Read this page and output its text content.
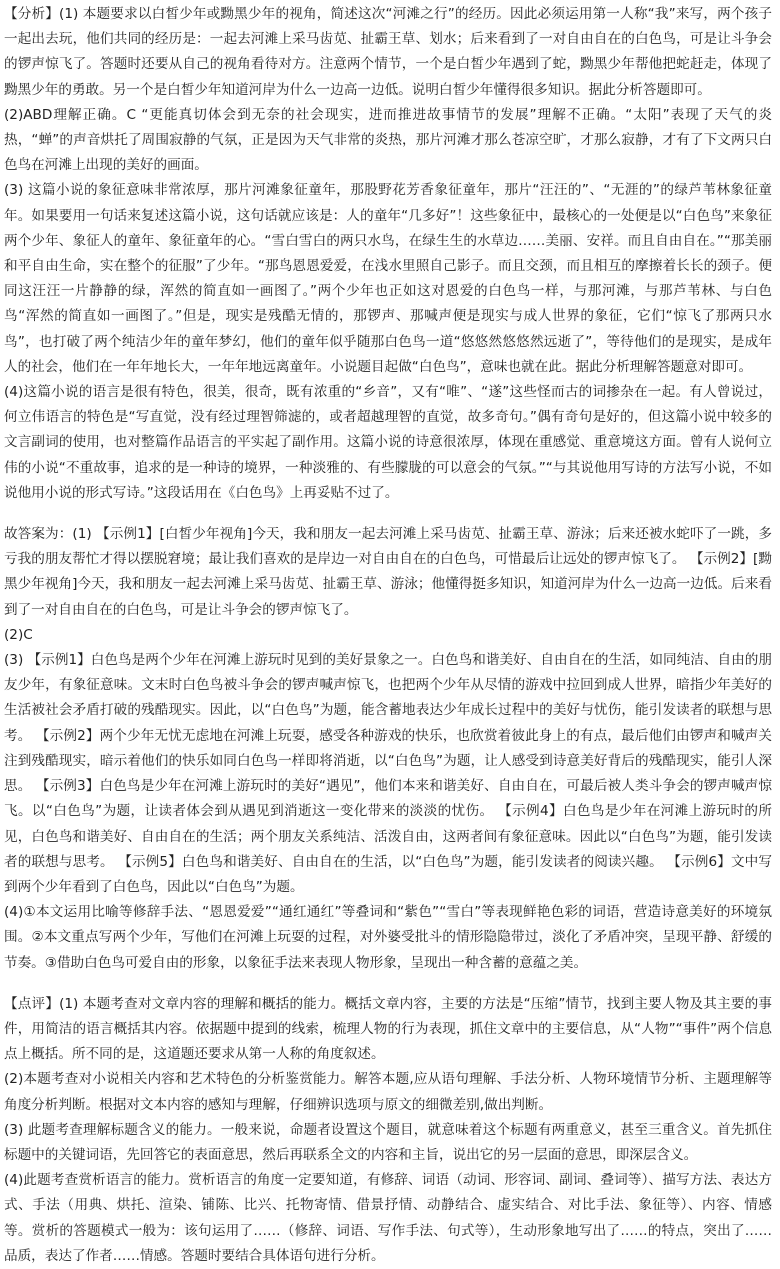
【分析】(1) 本题要求以白皙少年或黝黑少年的视角，简述这次“河滩之行”的经历。因此必须运用第一人称“我”来写，两个孩子一起出去玩，他们共同的经历是：一起去河滩上采马齿苋、扯霸王草、划水；后来看到了一对自由自在的白色鸟，可是让斗争会的锣声惊飞了。答题时还要从自己的视角看待对方。注意两个情节，一个是白皙少年遇到了蛇，黝黑少年帮他把蛇赶走，体现了黝黑少年的勇敢。另一个是白皙少年知道河岸为什么一边高一边低。说明白皙少年懂得很多知识。据此分析答题即可。

(2)ABD理解正确。C “更能真切体会到无奈的社会现实，进而推进故事情节的发展”理解不正确。“太阳”表现了天气的炎热，“蝉”的声音烘托了周围寂静的气氛，正是因为天气非常的炎热，那片河滩才那么苍凉空旷，才那么寂静，才有了下文两只白色鸟在河滩上出现的美好的画面。

(3) 这篇小说的象征意味非常浓厚，那片河滩象征童年，那股野花芳香象征童年，那片“汪汪的”、“无涯的”的绿芦苇林象征童年。如果要用一句话来复述这篇小说，这句话就应该是：人的童年“几多好”！这些象征中，最核心的一处便是以“白色鸟”来象征两个少年、象征人的童年、象征童年的心。“雪白雪白的两只水鸟，在绿生生的水草边……美丽、安祥。而且自由自在。”“那美丽和平自由生命，实在整个的征服”了少年。“那鸟恩恩爱爱，在浅水里照自己影子。而且交颈，而且相互的摩擦着长长的颈子。便同这汪汪一片静静的绿，浑然的简直如一画图了。”两个少年也正如这对恩爱的白色鸟一样，与那河滩，与那芦苇林、与白色鸟“浑然的简直如一画图了。”但是，现实是残酷无情的，那锣声、那喊声便是现实与成人世界的象征，它们“惊飞了那两只水鸟”，也打破了两个纯洁少年的童年梦幻，他们的童年似乎随那白色鸟一道“悠悠然悠悠然远逝了”，等待他们的是现实，是成年人的社会，他们在一年年地长大，一年年地远离童年。小说题目起做“白色鸟”，意味也就在此。据此分析理解答题意对即可。

(4)这篇小说的语言是很有特色，很美，很奇，既有浓重的“乡音”，又有“唯”、“遂”这些怪而古的词掺杂在一起。有人曾说过，何立伟语言的特色是“写直觉，没有经过理智筛滤的，或者超越理智的直觉，故多奇句。”偶有奇句是好的，但这篇小说中较多的文言副词的使用，也对整篇作品语言的平实起了副作用。这篇小说的诗意很浓厚，体现在重感觉、重意境这方面。曾有人说何立伟的小说“不重故事，追求的是一种诗的境界，一种淡雅的、有些朦胧的可以意会的气氛。”“与其说他用写诗的方法写小说，不如说他用小说的形式写诗。”这段话用在《白色鸟》上再妥贴不过了。

故答案为：(1) 【示例1】[白皙少年视角]今天，我和朋友一起去河滩上采马齿苋、扯霸王草、游泳；后来还被水蛇吓了一跳，多亏我的朋友帮忙才得以摆脱窘境；最让我们喜欢的是岸边一对自由自在的白色鸟，可惜最后让远处的锣声惊飞了。 【示例2】[黝黑少年视角]今天，我和朋友一起去河滩上采马齿苋、扯霸王草、游泳；他懂得挺多知识，知道河岸为什么一边高一边低。后来看到了一对自由自在的白色鸟，可是让斗争会的锣声惊飞了。

(2)C

(3) 【示例1】白色鸟是两个少年在河滩上游玩时见到的美好景象之一。白色鸟和谐美好、自由自在的生活，如同纯洁、自由的朋友少年，有象征意味。文末时白色鸟被斗争会的锣声喊声惊飞，也把两个少年从尽情的游戏中拉回到成人世界，暗指少年美好的生活被社会矛盾打破的残酷现实。因此，以“白色鸟”为题，能含蓄地表达少年成长过程中的美好与忧伤，能引发读者的联想与思考。 【示例2】两个少年无忧无虑地在河滩上玩耍，感受各种游戏的快乐，也欣赏着彼此身上的有点，最后他们由锣声和喊声关注到残酷现实，暗示着他们的快乐如同白色鸟一样即将消逝，以“白色鸟”为题，让人感受到诗意美好背后的残酷现实，能引人深思。 【示例3】白色鸟是少年在河滩上游玩时的美好“遇见”，他们本来和谐美好、自由自在，可最后被人类斗争会的锣声喊声惊飞。以“白色鸟”为题，让读者体会到从遇见到消逝这一变化带来的淡淡的忧伤。 【示例4】白色鸟是少年在河滩上游玩时的所见，白色鸟和谐美好、自由自在的生活；两个朋友关系纯洁、活泼自由，这两者间有象征意味。因此以“白色鸟”为题，能引发读者的联想与思考。 【示例5】白色鸟和谐美好、自由自在的生活，以“白色鸟”为题，能引发读者的阅读兴趣。 【示例6】文中写到两个少年看到了白色鸟，因此以“白色鸟”为题。

(4)①本文运用比喻等修辞手法、“恩恩爱爱”“通红通红”等叠词和“紫色”“雪白”等表现鲜艳色彩的词语，营造诗意美好的环境氛围。②本文重点写两个少年，写他们在河滩上玩耍的过程，对外婆受批斗的情形隐隐带过，淡化了矛盾冲突，呈现平静、舒缓的节奏。③借助白色鸟可爱自由的形象，以象征手法来表现人物形象，呈现出一种含蓄的意蕴之美。

【点评】(1) 本题考查对文章内容的理解和概括的能力。概括文章内容，主要的方法是“压缩”情节，找到主要人物及其主要的事件，用简洁的语言概括其内容。依据题中提到的线索，梳理人物的行为表现，抓住文章中的主要信息，从“人物”“事件”两个信息点上概括。所不同的是，这道题还要求从第一人称的角度叙述。

(2)本题考查对小说相关内容和艺术特色的分析鉴赏能力。解答本题,应从语句理解、手法分析、人物环境情节分析、主题理解等角度分析判断。根据对文本内容的感知与理解，仔细辨识选项与原文的细微差别,做出判断。

(3) 此题考查理解标题含义的能力。一般来说，命题者设置这个题目，就意味着这个标题有两重意义，甚至三重含义。首先抓住标题中的关键词语，先回答它的表面意思，然后再联系全文的内容和主旨，说出它的另一层面的意思，即深层含义。

(4)此题考查赏析语言的能力。赏析语言的角度一定要知道，有修辞、词语（动词、形容词、副词、叠词等）、描写方法、表达方式、手法（用典、烘托、渲染、铺陈、比兴、托物寄情、借景抒情、动静结合、虚实结合、对比手法、象征等）、内容、情感等。赏析的答题模式一般为：该句运用了……（修辞、词语、写作手法、句式等），生动形象地写出了……的特点，突出了……品质，表达了作者……情感。答题时要结合具体语句进行分析。
